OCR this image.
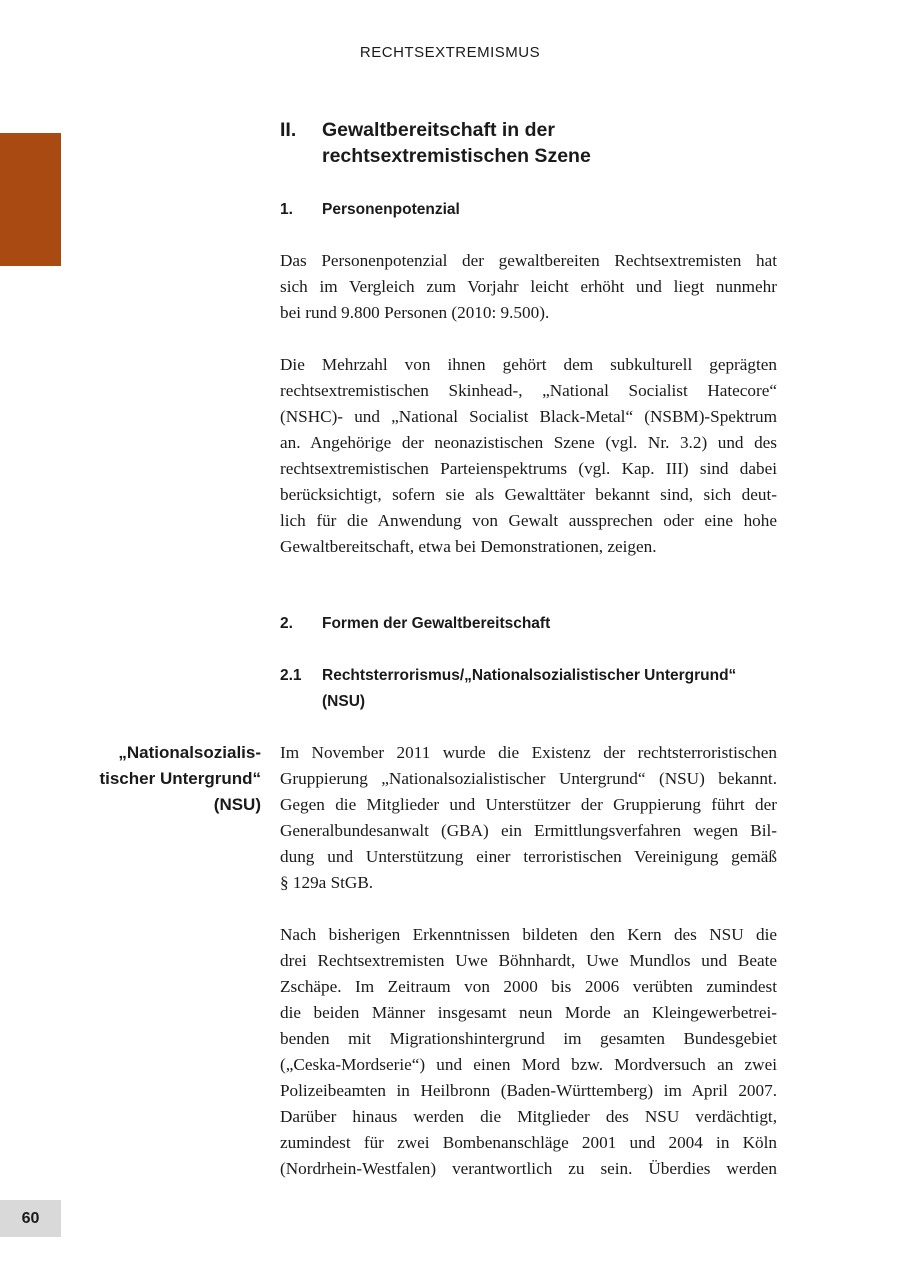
RECHTSEXTREMISMUS
II. Gewaltbereitschaft in der rechtsextremistischen Szene
1. Personenpotenzial
Das Personenpotenzial der gewaltbereiten Rechtsextremisten hat
sich im Vergleich zum Vorjahr leicht erhöht und liegt nunmehr
bei rund 9.800 Personen (2010: 9.500).
Die Mehrzahl von ihnen gehört dem subkulturell geprägten
rechtsextremistischen Skinhead-, „National Socialist Hatecore“
(NSHC)- und „National Socialist Black-Metal“ (NSBM)-Spektrum
an. Angehörige der neonazistischen Szene (vgl. Nr. 3.2) und des
rechtsextremistischen Parteienspektrums (vgl. Kap. III) sind dabei
berücksichtigt, sofern sie als Gewalttäter bekannt sind, sich deut-
lich für die Anwendung von Gewalt aussprechen oder eine hohe
Gewaltbereitschaft, etwa bei Demonstrationen, zeigen.
2. Formen der Gewaltbereitschaft
2.1 Rechtsterrorismus/„Nationalsozialistischer Untergrund“ (NSU)
„Nationalsozialis-
tischer Untergrund“
(NSU)
Im November 2011 wurde die Existenz der rechtsterroristischen
Gruppierung „Nationalsozialistischer Untergrund“ (NSU) bekannt.
Gegen die Mitglieder und Unterstützer der Gruppierung führt der
Generalbundesanwalt (GBA) ein Ermittlungsverfahren wegen Bil-
dung und Unterstützung einer terroristischen Vereinigung gemäß
§ 129a StGB.
Nach bisherigen Erkenntnissen bildeten den Kern des NSU die
drei Rechtsextremisten Uwe Böhnhardt, Uwe Mundlos und Beate
Zschäpe. Im Zeitraum von 2000 bis 2006 verübten zumindest
die beiden Männer insgesamt neun Morde an Kleingewerbetrei-
benden mit Migrationshintergrund im gesamten Bundesgebiet
(„Ceska-Mordserie“) und einen Mord bzw. Mordversuch an zwei
Polizeibeamten in Heilbronn (Baden-Württemberg) im April 2007.
Darüber hinaus werden die Mitglieder des NSU verdächtigt,
zumindest für zwei Bombenanschläge 2001 und 2004 in Köln
(Nordrhein-Westfalen) verantwortlich zu sein. Überdies werden
60
